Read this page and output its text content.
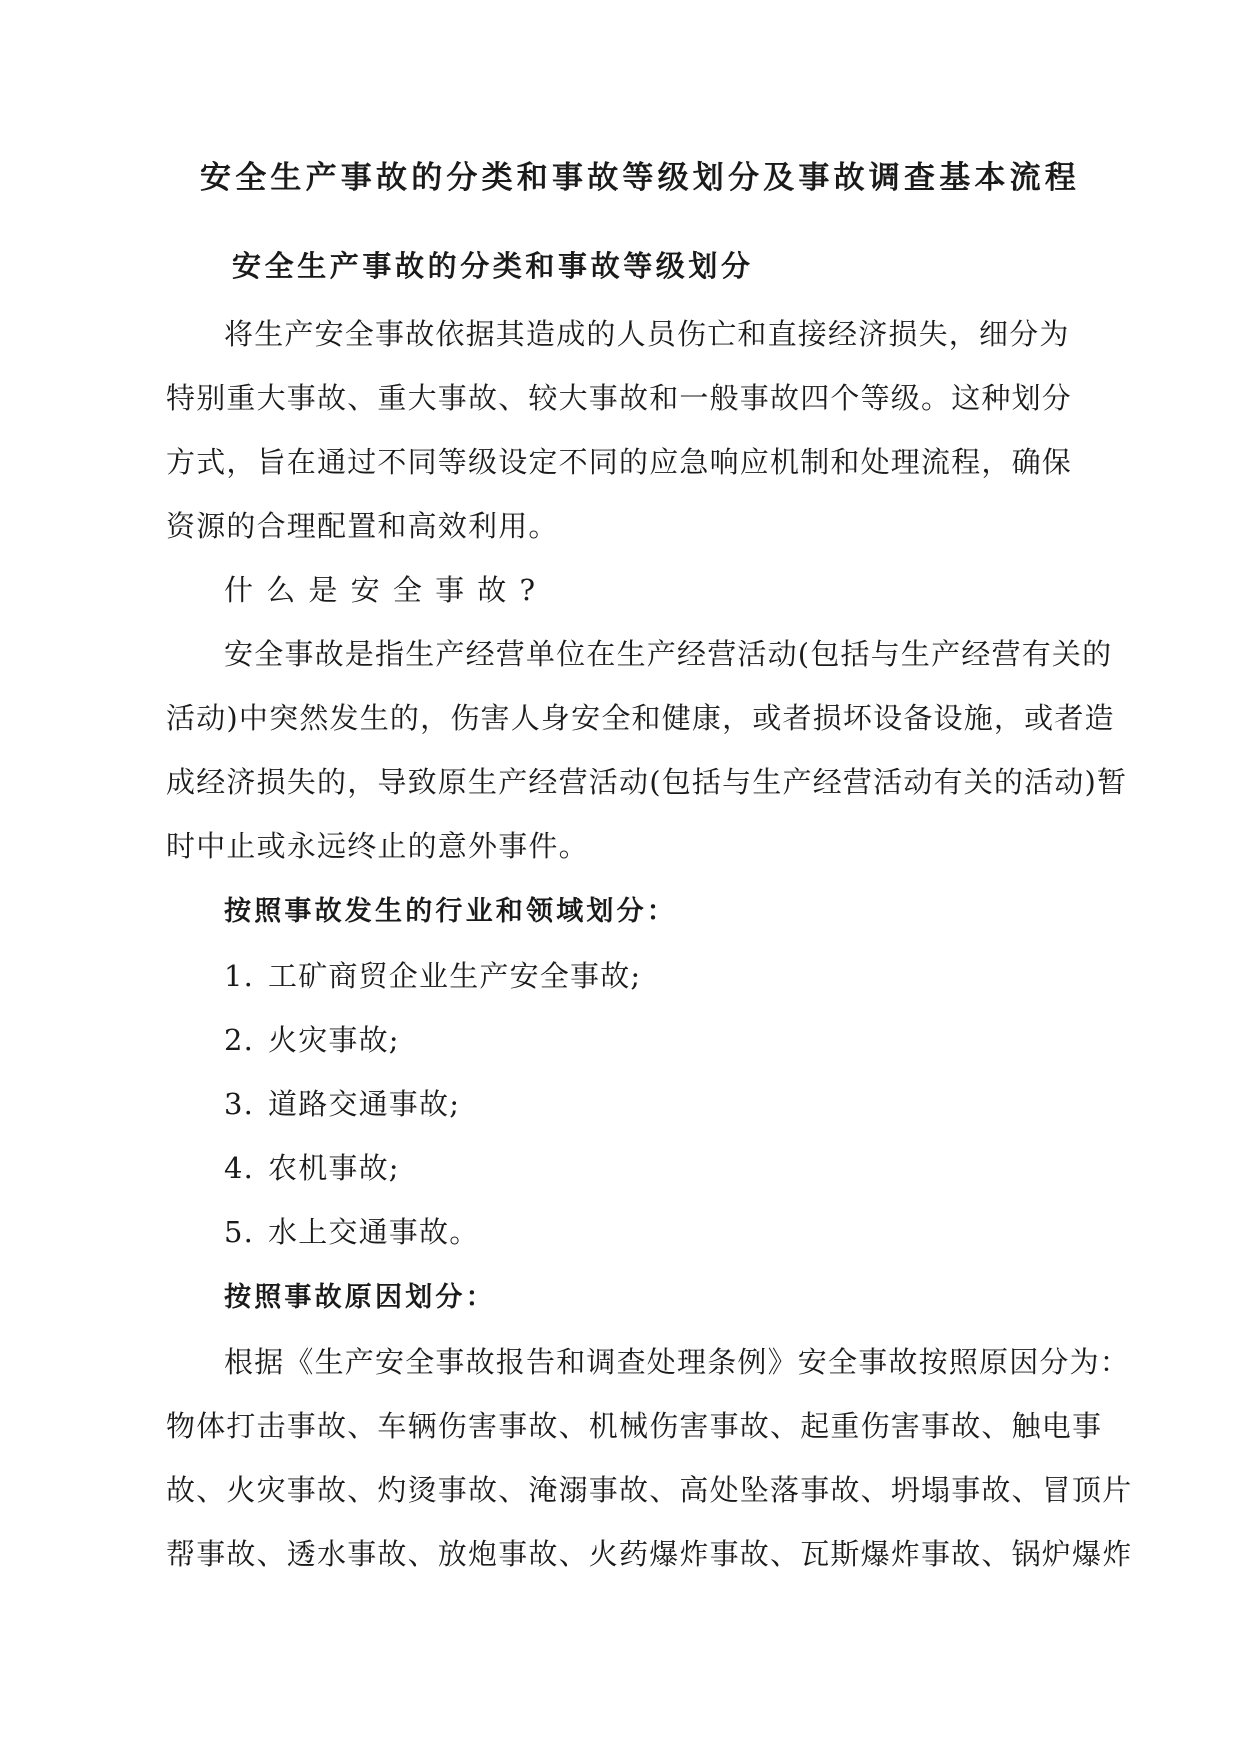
安全生产事故的分类和事故等级划分及事故调查基本流程
安全生产事故的分类和事故等级划分
将生产安全事故依据其造成的人员伤亡和直接经济损失，细分为
特别重大事故、重大事故、较大事故和一般事故四个等级。这种划分
方式，旨在通过不同等级设定不同的应急响应机制和处理流程，确保
资源的合理配置和高效利用。
什 么 是 安 全 事 故 ?
安全事故是指生产经营单位在生产经营活动(包括与生产经营有关的
活动)中突然发生的，伤害人身安全和健康，或者损坏设备设施，或者造
成经济损失的，导致原生产经营活动(包括与生产经营活动有关的活动)暂
时中止或永远终止的意外事件。
按照事故发生的行业和领域划分：
1. 工矿商贸企业生产安全事故;
2. 火灾事故;
3. 道路交通事故;
4. 农机事故;
5. 水上交通事故。
按照事故原因划分：
根据《生产安全事故报告和调查处理条例》安全事故按照原因分为：
物体打击事故、车辆伤害事故、机械伤害事故、起重伤害事故、触电事
故、火灾事故、灼烫事故、淹溺事故、高处坠落事故、坍塌事故、冒顶片
帮事故、透水事故、放炮事故、火药爆炸事故、瓦斯爆炸事故、锅炉爆炸
